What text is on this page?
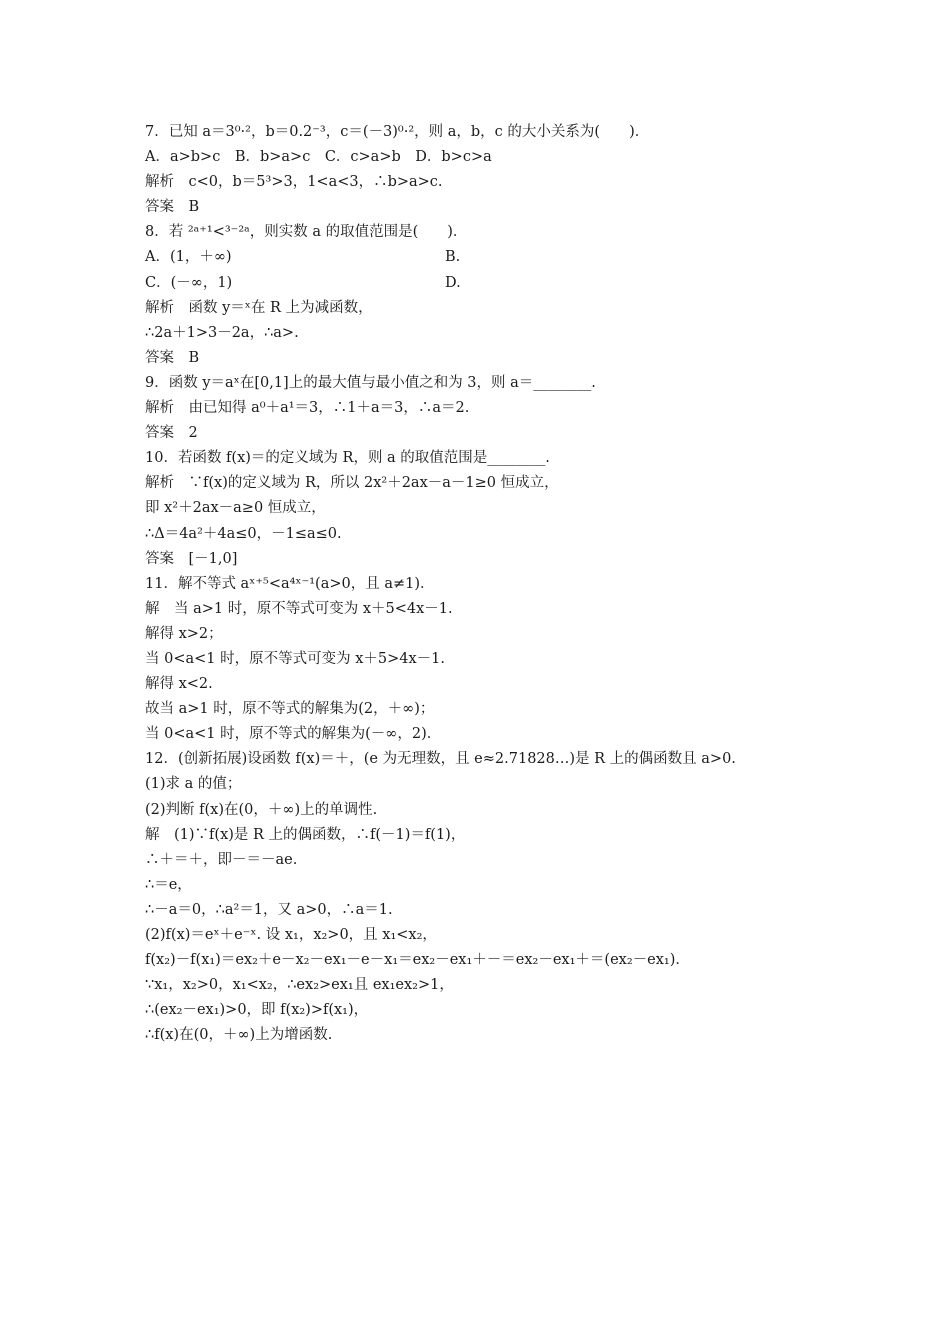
7．已知 a＝3⁰·²，b＝0.2⁻³，c＝(－3)⁰·²，则 a，b，c 的大小关系为(　　)．
A．a>b>c　B．b>a>c　C．c>a>b　D．b>c>a
解析　c<0，b＝5³>3，1<a<3，∴b>a>c.
答案　B
8．若 ²ᵃ⁺¹<³⁻²ᵃ，则实数 a 的取值范围是(　　)．
A．(1，＋∞)	B.
C．(－∞，1)	D.
解析　函数 y＝ˣ在 R 上为减函数，
∴2a＋1>3－2a，∴a>.
答案　B
9．函数 y＝aˣ在[0,1]上的最大值与最小值之和为 3，则 a＝________.
解析　由已知得 a⁰＋a¹＝3，∴1＋a＝3，∴a＝2.
答案　2
10．若函数 f(x)＝的定义域为 R，则 a 的取值范围是________.
解析　∵f(x)的定义域为 R，所以 2x²＋2ax－a－1≥0 恒成立，
即 x²＋2ax－a≥0 恒成立，
∴Δ＝4a²＋4a≤0，－1≤a≤0.
答案　[－1,0]
11．解不等式 aˣ⁺⁵<a⁴ˣ⁻¹(a>0，且 a≠1)．
解　当 a>1 时，原不等式可变为 x＋5<4x－1.
解得 x>2；
当 0<a<1 时，原不等式可变为 x＋5>4x－1.
解得 x<2.
故当 a>1 时，原不等式的解集为(2，＋∞)；
当 0<a<1 时，原不等式的解集为(－∞，2)．
12．(创新拓展)设函数 f(x)＝＋，(e 为无理数，且 e≈2.71828…)是 R 上的偶函数且 a>0.
(1)求 a 的值；
(2)判断 f(x)在(0，＋∞)上的单调性.
解　(1)∵f(x)是 R 上的偶函数，∴f(－1)＝f(1)，
∴＋＝＋，即－＝－ae.
∴＝e，
∴－a＝0，∴a²＝1，又 a>0，∴a＝1.
(2)f(x)＝eˣ＋e⁻ˣ. 设 x₁，x₂>0，且 x₁<x₂，
f(x₂)－f(x₁)＝ex₂＋e－x₂－ex₁－e－x₁＝ex₂－ex₁＋－＝ex₂－ex₁＋＝(ex₂－ex₁)．
∵x₁，x₂>0，x₁<x₂，∴ex₂>ex₁且 ex₁ex₂>1，
∴(ex₂－ex₁)>0，即 f(x₂)>f(x₁)，
∴f(x)在(0，＋∞)上为增函数.
